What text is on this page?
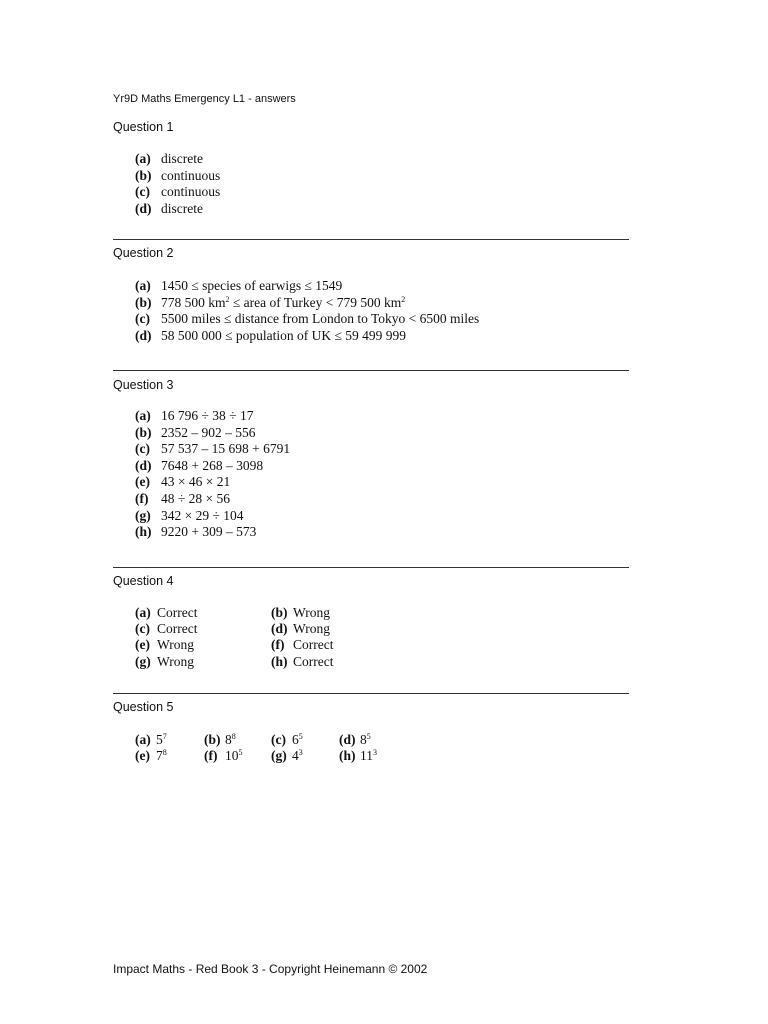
Yr9D Maths Emergency L1 - answers
Question 1
(a) discrete
(b) continuous
(c) continuous
(d) discrete
Question 2
(a) 1450 ≤ species of earwigs ≤ 1549
(b) 778 500 $km^2$ ≤ area of Turkey < 779 500 $km^2$
(c) 5500 miles ≤ distance from London to Tokyo < 6500 miles
(d) 58 500 000 ≤ population of UK ≤ 59 499 999
Question 3
(a) 16 796 ÷ 38 ÷ 17
(b) 2352 – 902 – 556
(c) 57 537 – 15 698 + 6791
(d) 7648 + 268 – 3098
(e) 43 × 46 × 21
(f) 48 ÷ 28 × 56
(g) 342 × 29 ÷ 104
(h) 9220 + 309 – 573
Question 4
(a) Correct	(b) Wrong
(c) Correct	(d) Wrong
(e) Wrong	(f) Correct
(g) Wrong	(h) Correct
Question 5
(a) $5^7$	(b) $8^8$	(c) $6^5$	(d) $8^5$
(e) $7^8$	(f) $10^5$ (g) $4^3$	(h) $11^3$
Impact Maths - Red Book 3 - Copyright Heinemann © 2002
